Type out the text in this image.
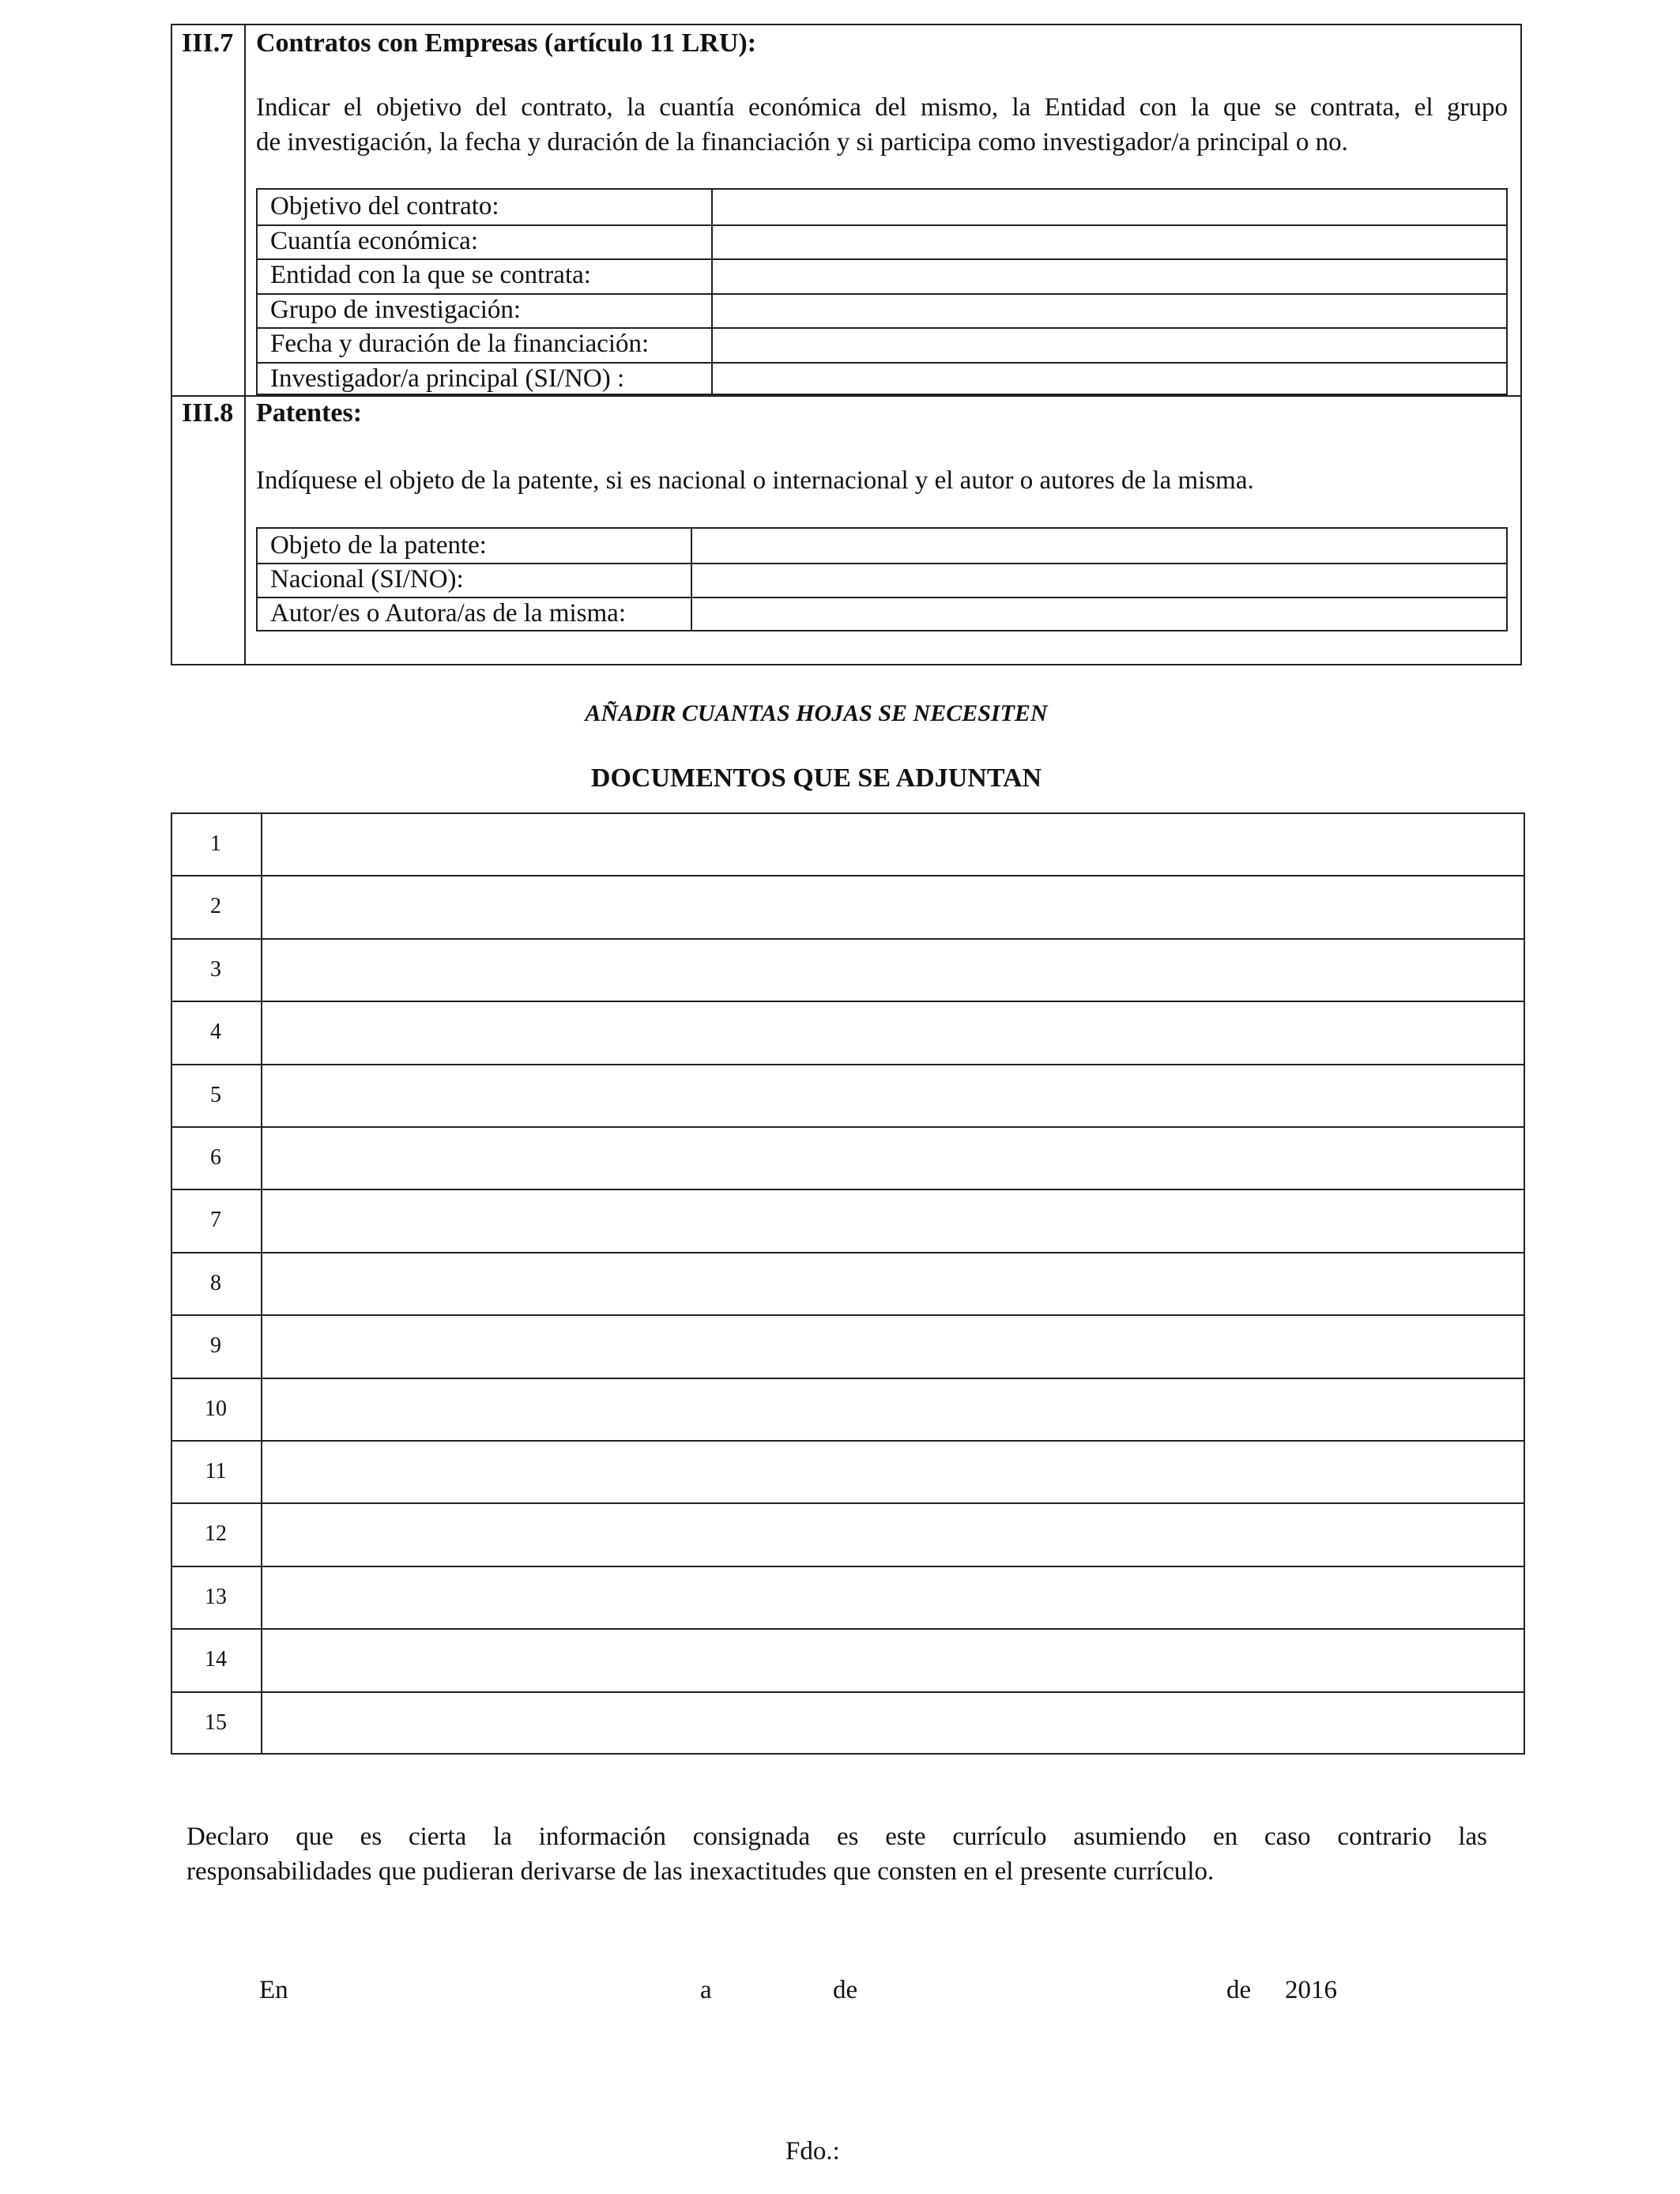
III.7 Contratos con Empresas (artículo 11 LRU):
Indicar el objetivo del contrato, la cuantía económica del mismo, la Entidad con la que se contrata, el grupo
de investigación, la fecha y duración de la financiación y si participa como investigador/a principal o no.
Objetivo del contrato:
Cuantía económica:
Entidad con la que se contrata:
Grupo de investigación:
Fecha y duración de la financiación:
Investigador/a principal (SI/NO) :
III.8 Patentes:
Indíquese el objeto de la patente, si es nacional o internacional y el autor o autores de la misma.
Objeto de la patente:
Nacional (SI/NO):
Autor/es o Autora/as de la misma:
AÑADIR CUANTAS HOJAS SE NECESITEN
DOCUMENTOS QUE SE ADJUNTAN
1
2
3
4
5
6
7
8
9
10
11
12
13
14
15
Declaro que es cierta la información consignada es este currículo asumiendo en caso contrario las
responsabilidades que pudieran derivarse de las inexactitudes que consten en el presente currículo.
En	a	de	de 2016
Fdo.:
